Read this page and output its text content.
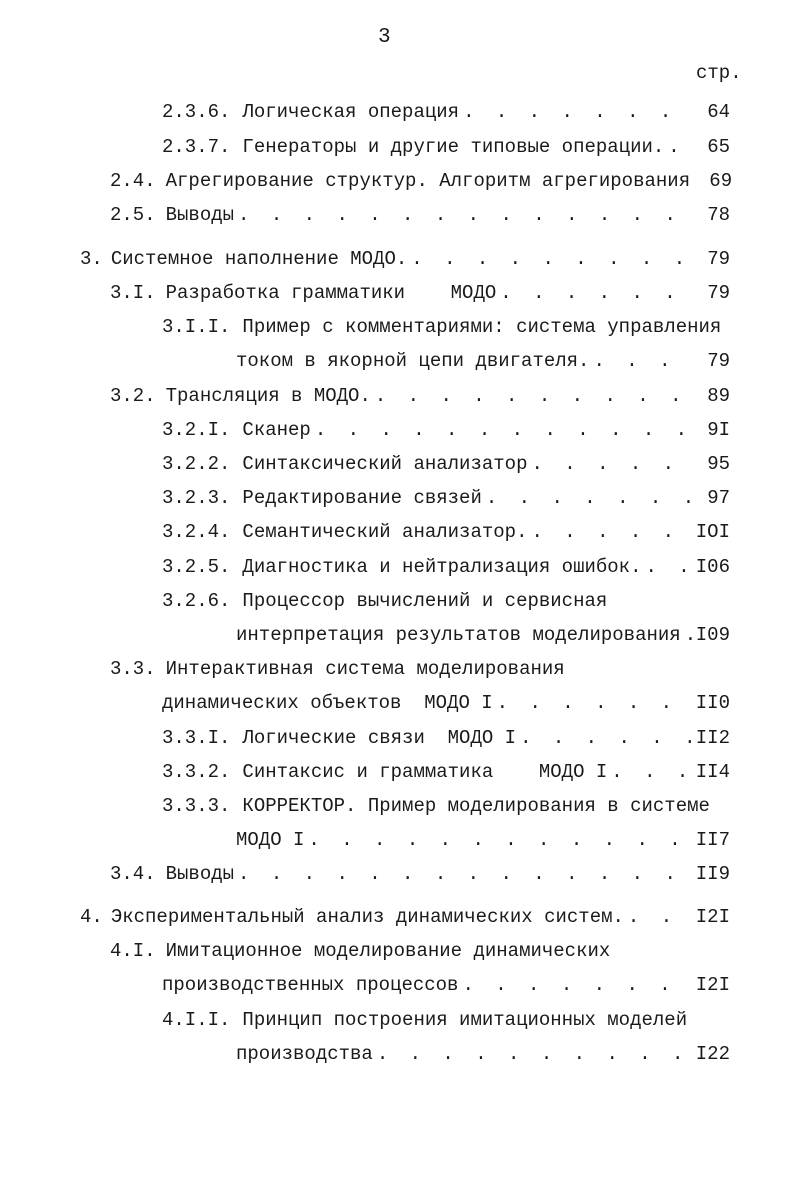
3
стр.
2.3.6. Логическая операция . . .	64
2.3.7. Генераторы и другие типовые операции. . . .	65
2.4. Агрегирование структур. Алгоритм агрегирования	69
2.5. Выводы . . .	78
3. Системное наполнение МОДО. . . .	79
3.I. Разработка грамматики    МОДО . . .	79
3.I.I. Пример с комментариями: система управления
током в якорной цепи двигателя. . . .	79
3.2. Трансляция в МОДО. . . .	89
3.2.I. Сканер . . .	9I
3.2.2. Синтаксический анализатор . . .	95
3.2.3. Редактирование связей . . .	97
3.2.4. Семантический анализатор. . . .	IOI
3.2.5. Диагностика и нейтрализация ошибок. . . .	I06
3.2.6. Процессор вычислений и сервисная
интерпретация результатов моделирования . . . I09
3.3. Интерактивная система моделирования
динамических объектов  МОДО I . . .	II0
3.3.I. Логические связи  МОДО I . . .	II2
3.3.2. Синтаксис и грамматика    МОДО I . . .	II4
3.3.3. КОРРЕКТОР. Пример моделирования в системе
МОДО I . . .	II7
3.4. Выводы . . .	II9
4. Экспериментальный анализ динамических систем. . . .	I2I
4.I. Имитационное моделирование динамических
производственных процессов . . .	I2I
4.I.I. Принцип построения имитационных моделей
производства . . .	I22
